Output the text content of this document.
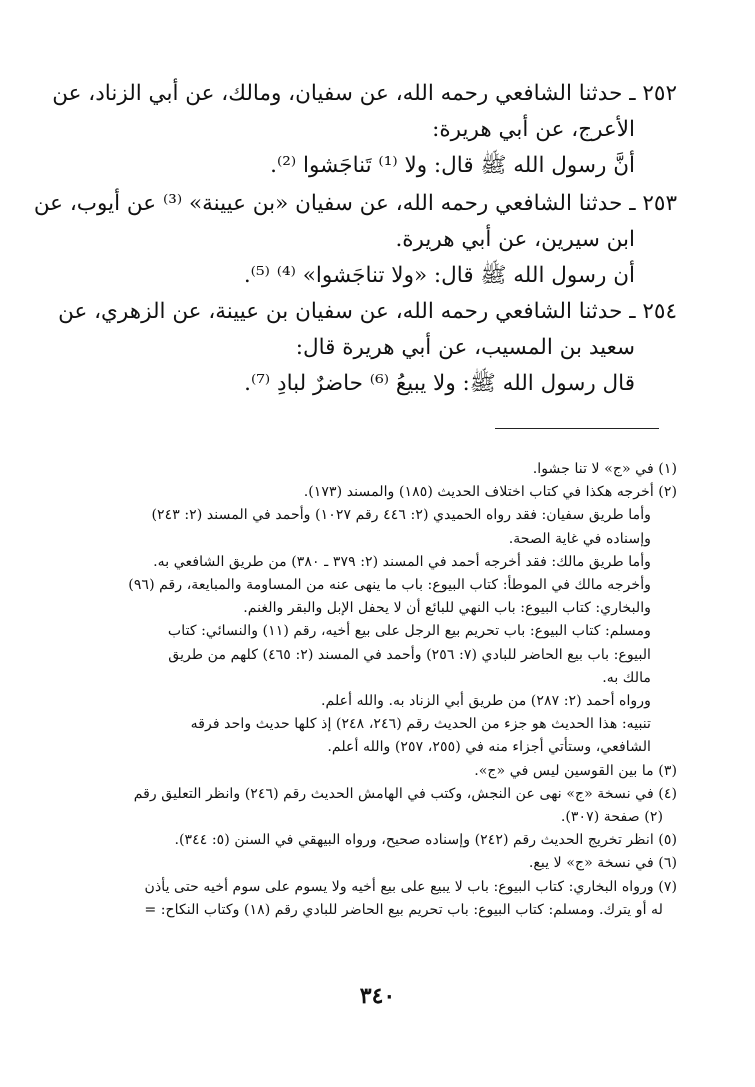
٢٥٢ ـ حدثنا الشافعي رحمه الله، عن سفيان، ومالك، عن أبي الزناد، عن
الأعرج، عن أبي هريرة:
أنَّ رسول الله ﷺ قال: ولا ⁽¹⁾ تَناجَشوا ⁽²⁾.
٢٥٣ ـ حدثنا الشافعي رحمه الله، عن سفيان «بن عيينة» ⁽³⁾ عن أيوب، عن
ابن سيرين، عن أبي هريرة.
أن رسول الله ﷺ قال: «ولا تناجَشوا» ⁽⁴⁾ ⁽⁵⁾.
٢٥٤ ـ حدثنا الشافعي رحمه الله، عن سفيان بن عيينة، عن الزهري، عن
سعيد بن المسيب، عن أبي هريرة قال:
قال رسول الله ﷺ: ولا يبيعُ ⁽⁶⁾ حاضرٌ لبادِ ⁽⁷⁾.
(١) في «ج» لا تنا جشوا.
(٢) أخرجه هكذا في كتاب اختلاف الحديث (١٨٥) والمسند (١٧٣).
وأما طريق سفيان: فقد رواه الحميدي (٢: ٤٤٦ رقم ١٠٢٧) وأحمد في المسند (٢: ٢٤٣)
وإسناده في غاية الصحة.
وأما طريق مالك: فقد أخرجه أحمد في المسند (٢: ٣٧٩ ـ ٣٨٠) من طريق الشافعي به.
وأخرجه مالك في الموطأ: كتاب البيوع: باب ما ينهى عنه من المساومة والمبايعة، رقم (٩٦)
والبخاري: كتاب البيوع: باب النهي للبائع أن لا يحفل الإبل والبقر والغنم.
ومسلم: كتاب البيوع: باب تحريم بيع الرجل على بيع أخيه، رقم (١١) والنسائي: كتاب
البيوع: باب بيع الحاضر للبادي (٧: ٢٥٦) وأحمد في المسند (٢: ٤٦٥) كلهم من طريق
مالك به.
ورواه أحمد (٢: ٢٨٧) من طريق أبي الزناد به. والله أعلم.
تنبيه: هذا الحديث هو جزء من الحديث رقم (٢٤٦، ٢٤٨) إذ كلها حديث واحد فرقه
الشافعي، وستأتي أجزاء منه في (٢٥٥، ٢٥٧) والله أعلم.
(٣) ما بين القوسين ليس في «ج».
(٤) في نسخة «ج» نهى عن النجش، وكتب في الهامش الحديث رقم (٢٤٦) وانظر التعليق رقم
(٢) صفحة (٣٠٧).
(٥) انظر تخريج الحديث رقم (٢٤٢) وإسناده صحيح، ورواه البيهقي في السنن (٥: ٣٤٤).
(٦) في نسخة «ج» لا يبع.
(٧) ورواه البخاري: كتاب البيوع: باب لا يبيع على بيع أخيه ولا يسوم على سوم أخيه حتى يأذن
له أو يترك. ومسلم: كتاب البيوع: باب تحريم بيع الحاضر للبادي رقم (١٨) وكتاب النكاح: =
٣٤٠
